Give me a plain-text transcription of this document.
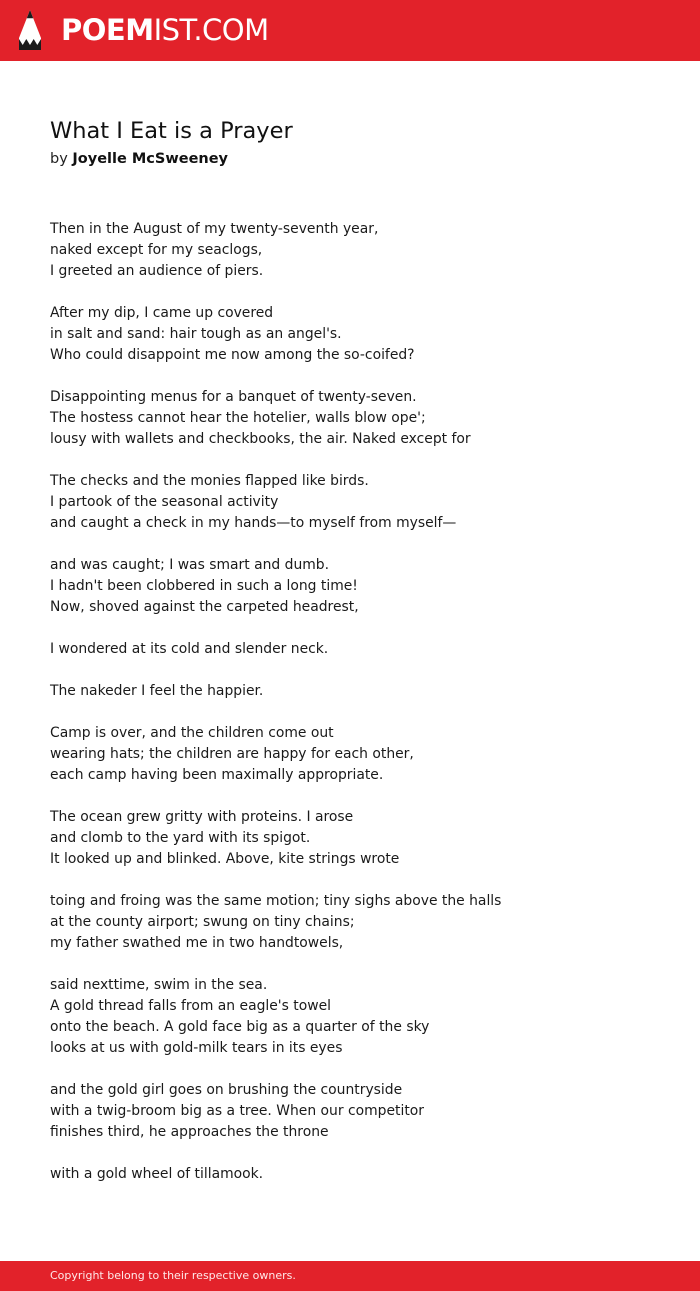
POEMIST.COM
What I Eat is a Prayer
by Joyelle McSweeney
Then in the August of my twenty-seventh year,
naked except for my seaclogs,
I greeted an audience of piers.
After my dip, I came up covered
in salt and sand: hair tough as an angel's.
Who could disappoint me now among the so-coifed?
Disappointing menus for a banquet of twenty-seven.
The hostess cannot hear the hotelier, walls blow ope';
lousy with wallets and checkbooks, the air. Naked except for
The checks and the monies flapped like birds.
I partook of the seasonal activity
and caught a check in my hands—to myself from myself—
and was caught; I was smart and dumb.
I hadn't been clobbered in such a long time!
Now, shoved against the carpeted headrest,
I wondered at its cold and slender neck.
The nakeder I feel the happier.
Camp is over, and the children come out
wearing hats; the children are happy for each other,
each camp having been maximally appropriate.
The ocean grew gritty with proteins. I arose
and clomb to the yard with its spigot.
It looked up and blinked. Above, kite strings wrote
toing and froing was the same motion; tiny sighs above the halls
at the county airport; swung on tiny chains;
my father swathed me in two handtowels,
said nexttime, swim in the sea.
A gold thread falls from an eagle's towel
onto the beach. A gold face big as a quarter of the sky
looks at us with gold-milk tears in its eyes
and the gold girl goes on brushing the countryside
with a twig-broom big as a tree. When our competitor
finishes third, he approaches the throne
with a gold wheel of tillamook.
Copyright belong to their respective owners.
